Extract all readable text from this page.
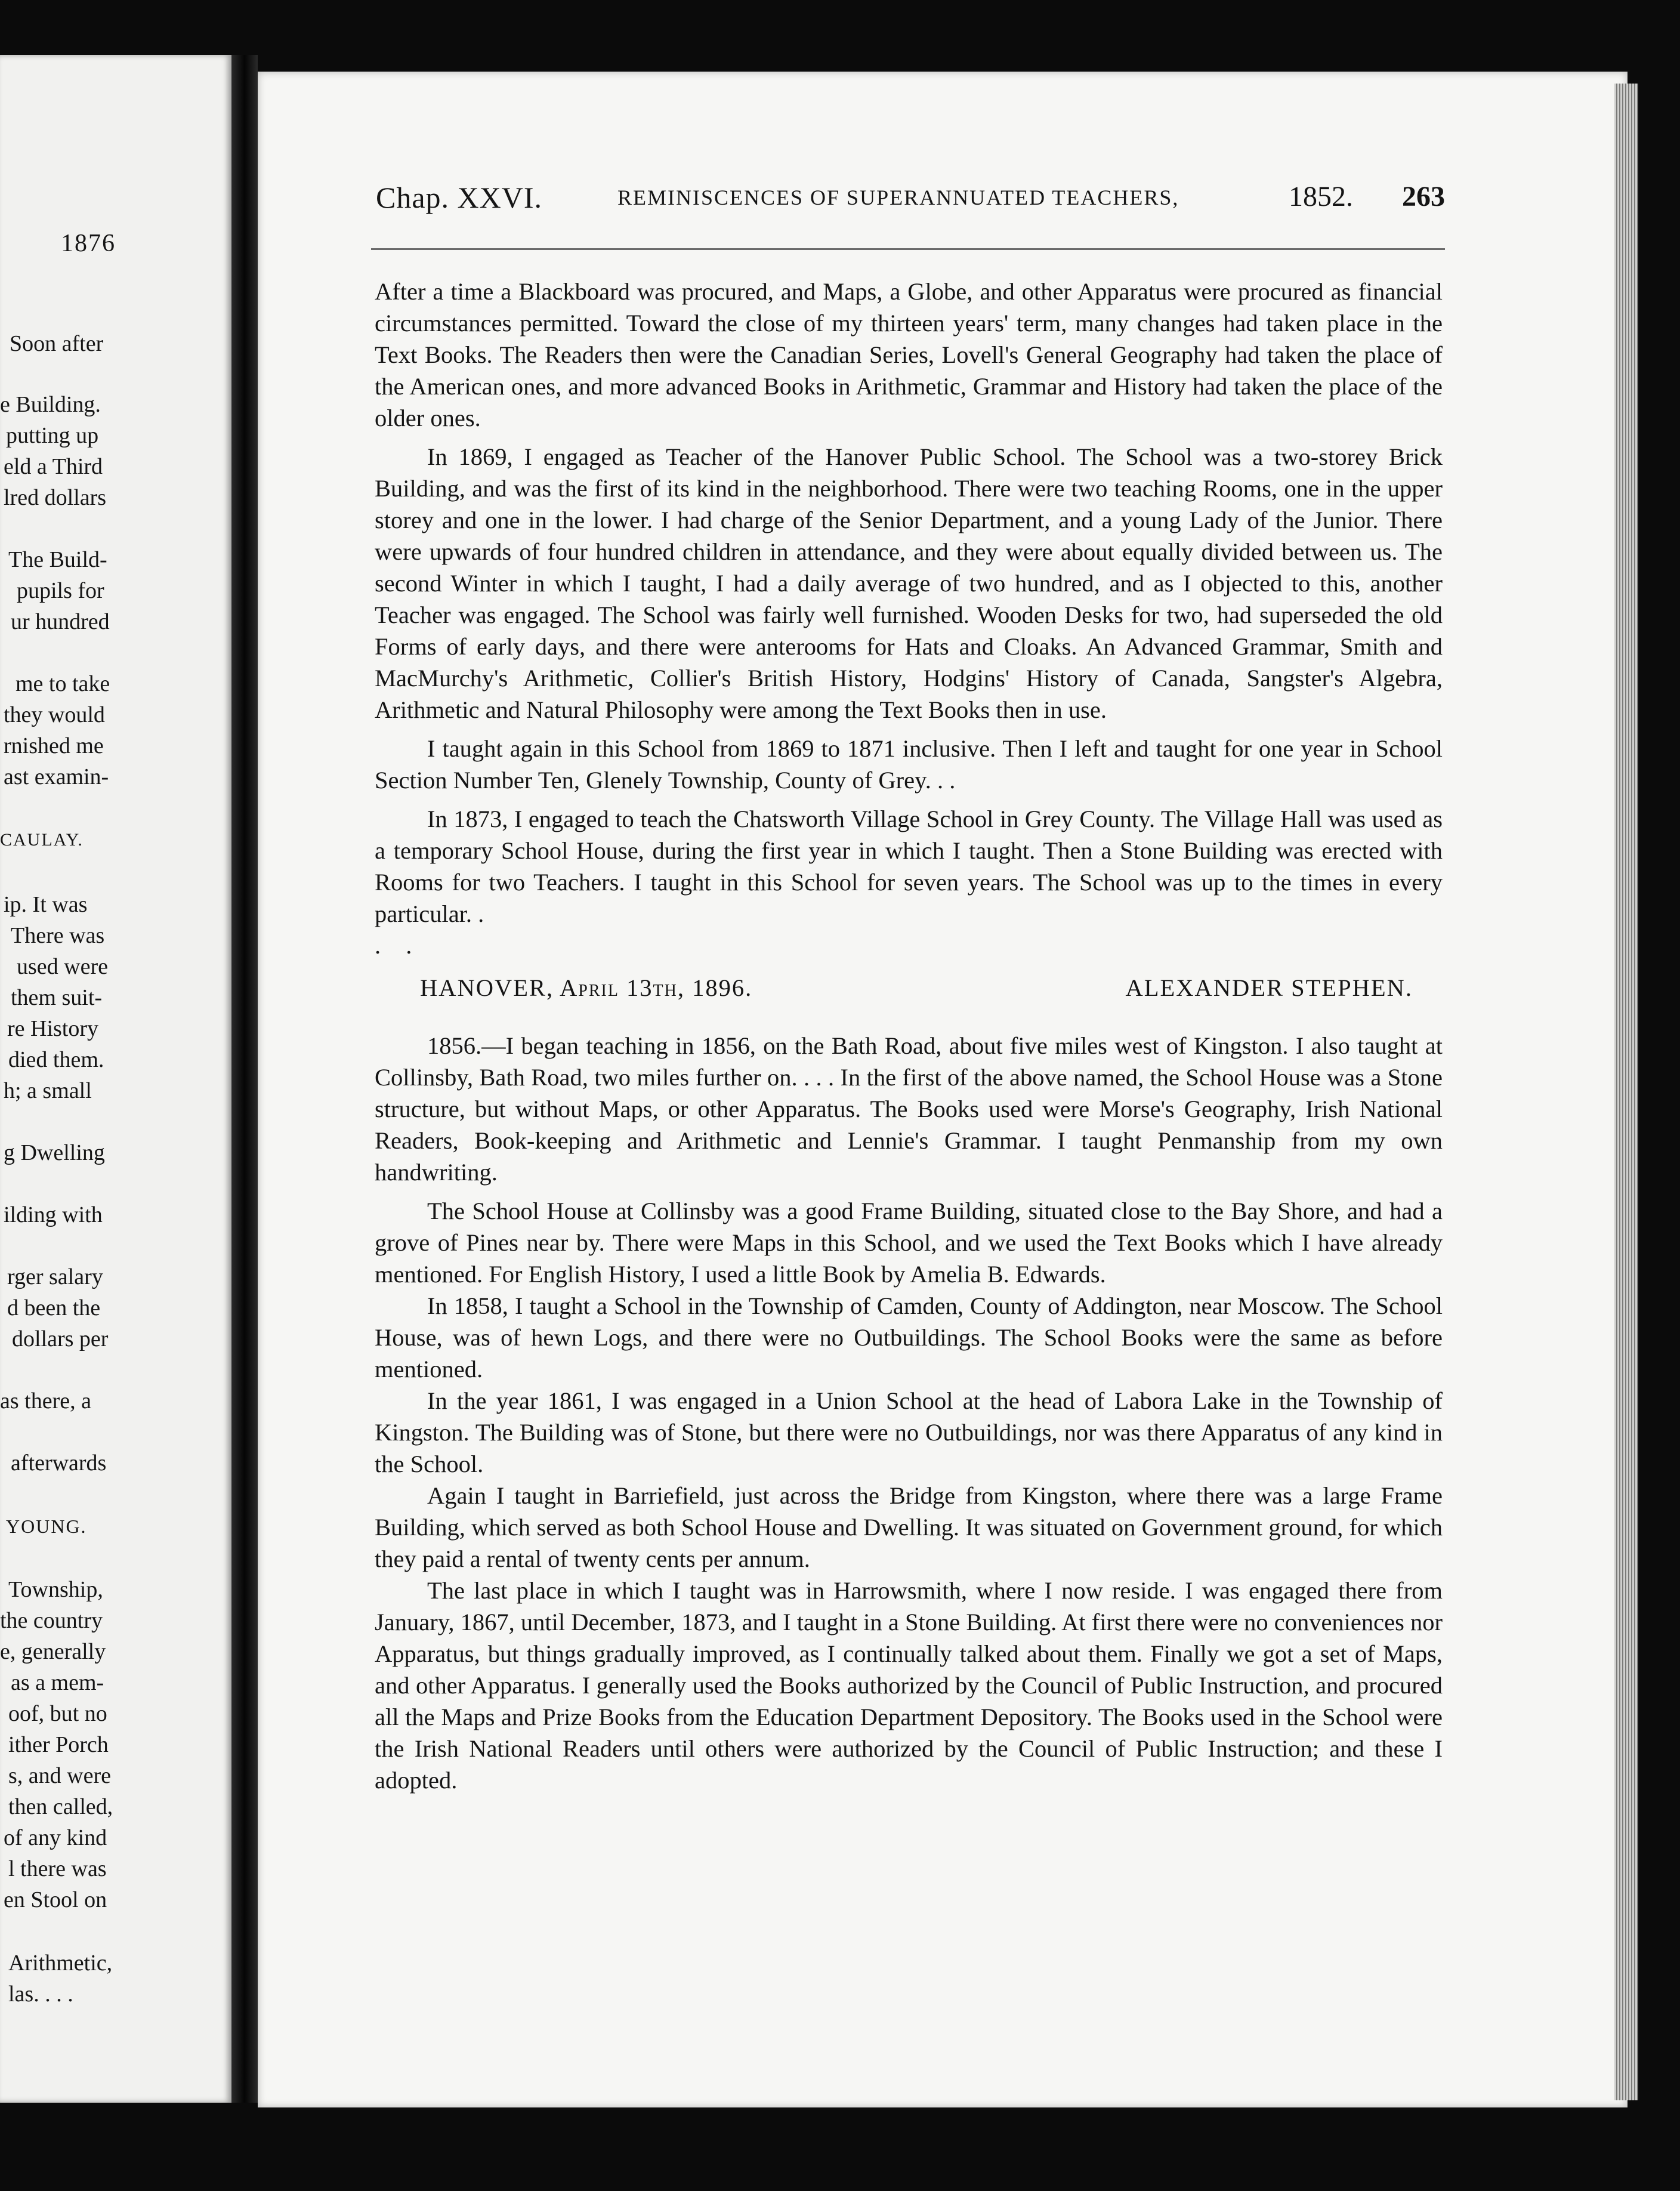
1876
Soon after
e Building.
putting up
eld a Third
lred dollars
The Build-
pupils for
ur hundred
me to take
they would
rnished me
ast examin-
CAULAY.
ip. It was
There was
used were
them suit-
re History
died them.
h; a small
g Dwelling
ilding with
rger salary
d been the
dollars per
as there, a
afterwards
YOUNG.
Township,
the country
e, generally
as a mem-
oof, but no
ither Porch
s, and were
then called,
of any kind
l there was
en Stool on
Arithmetic,
las. . . .
Chap. XXVI.	REMINISCENCES OF SUPERANNUATED TEACHERS,	1852. 263

After a time a Blackboard was procured, and Maps, a Globe, and other Apparatus were procured as financial circumstances permitted. Toward the close of my thirteen years' term, many changes had taken place in the Text Books. The Readers then were the Canadian Series, Lovell's General Geography had taken the place of the American ones, and more advanced Books in Arithmetic, Grammar and History had taken the place of the older ones.

In 1869, I engaged as Teacher of the Hanover Public School. The School was a two-storey Brick Building, and was the first of its kind in the neighborhood. There were two teaching Rooms, one in the upper storey and one in the lower. I had charge of the Senior Department, and a young Lady of the Junior. There were upwards of four hundred children in attendance, and they were about equally divided between us. The second Winter in which I taught, I had a daily average of two hundred, and as I objected to this, another Teacher was engaged. The School was fairly well furnished. Wooden Desks for two, had superseded the old Forms of early days, and there were anterooms for Hats and Cloaks. An Advanced Grammar, Smith and MacMurchy's Arithmetic, Collier's British History, Hodgins' History of Canada, Sangster's Algebra, Arithmetic and Natural Philosophy were among the Text Books then in use.

I taught again in this School from 1869 to 1871 inclusive. Then I left and taught for one year in School Section Number Ten, Glenely Township, County of Grey. . .

In 1873, I engaged to teach the Chatsworth Village School in Grey County. The Village Hall was used as a temporary School House, during the first year in which I taught. Then a Stone Building was erected with Rooms for two Teachers. I taught in this School for seven years. The School was up to the times in every particular. .

. .

HANOVER, April 13th, 1896.	ALEXANDER STEPHEN.

1856.—I began teaching in 1856, on the Bath Road, about five miles west of Kingston. I also taught at Collinsby, Bath Road, two miles further on. . . . In the first of the above named, the School House was a Stone structure, but without Maps, or other Apparatus. The Books used were Morse's Geography, Irish National Readers, Book-keeping and Arithmetic and Lennie's Grammar. I taught Penmanship from my own handwriting.

The School House at Collinsby was a good Frame Building, situated close to the Bay Shore, and had a grove of Pines near by. There were Maps in this School, and we used the Text Books which I have already mentioned. For English History, I used a little Book by Amelia B. Edwards.

In 1858, I taught a School in the Township of Camden, County of Addington, near Moscow. The School House, was of hewn Logs, and there were no Outbuildings. The School Books were the same as before mentioned.

In the year 1861, I was engaged in a Union School at the head of Labora Lake in the Township of Kingston. The Building was of Stone, but there were no Outbuildings, nor was there Apparatus of any kind in the School.

Again I taught in Barriefield, just across the Bridge from Kingston, where there was a large Frame Building, which served as both School House and Dwelling. It was situated on Government ground, for which they paid a rental of twenty cents per annum.

The last place in which I taught was in Harrowsmith, where I now reside. I was engaged there from January, 1867, until December, 1873, and I taught in a Stone Building. At first there were no conveniences nor Apparatus, but things gradually improved, as I continually talked about them. Finally we got a set of Maps, and other Apparatus. I generally used the Books authorized by the Council of Public Instruction, and procured all the Maps and Prize Books from the Education Department Depository. The Books used in the School were the Irish National Readers until others were authorized by the Council of Public Instruction; and these I adopted.
